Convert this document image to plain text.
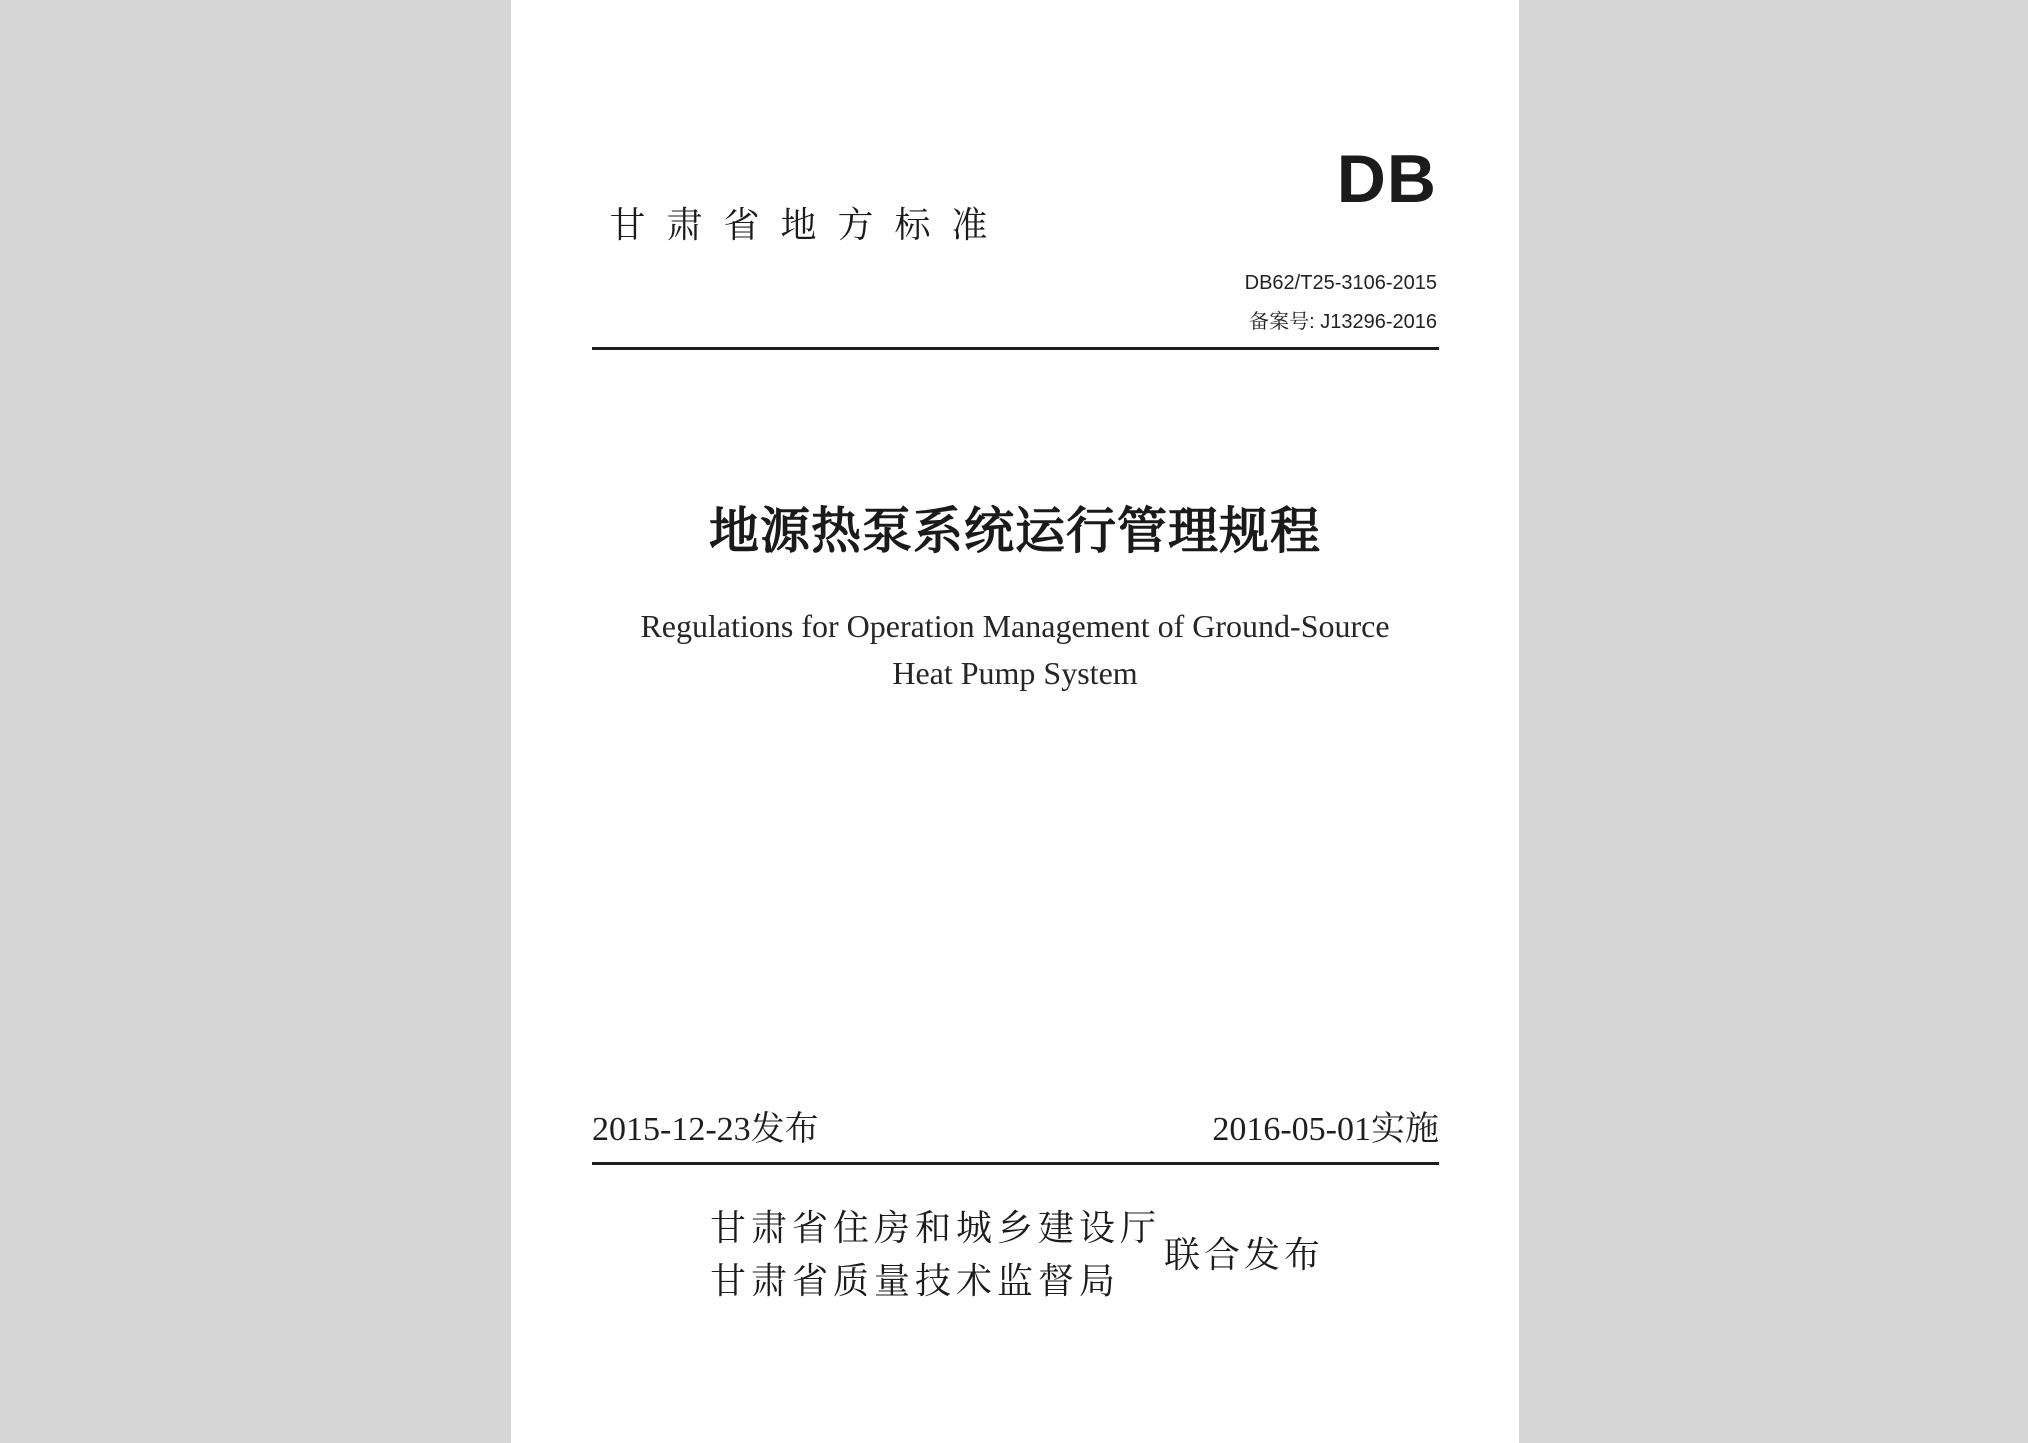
DB
甘肃省地方标准
DB62/T25-3106-2015
备案号: J13296-2016
地源热泵系统运行管理规程
Regulations for Operation Management of Ground-Source
Heat Pump System
2015-12-23发布	2016-05-01实施
甘肃省住房和城乡建设厅
甘肃省质量技术监督局
联合发布
